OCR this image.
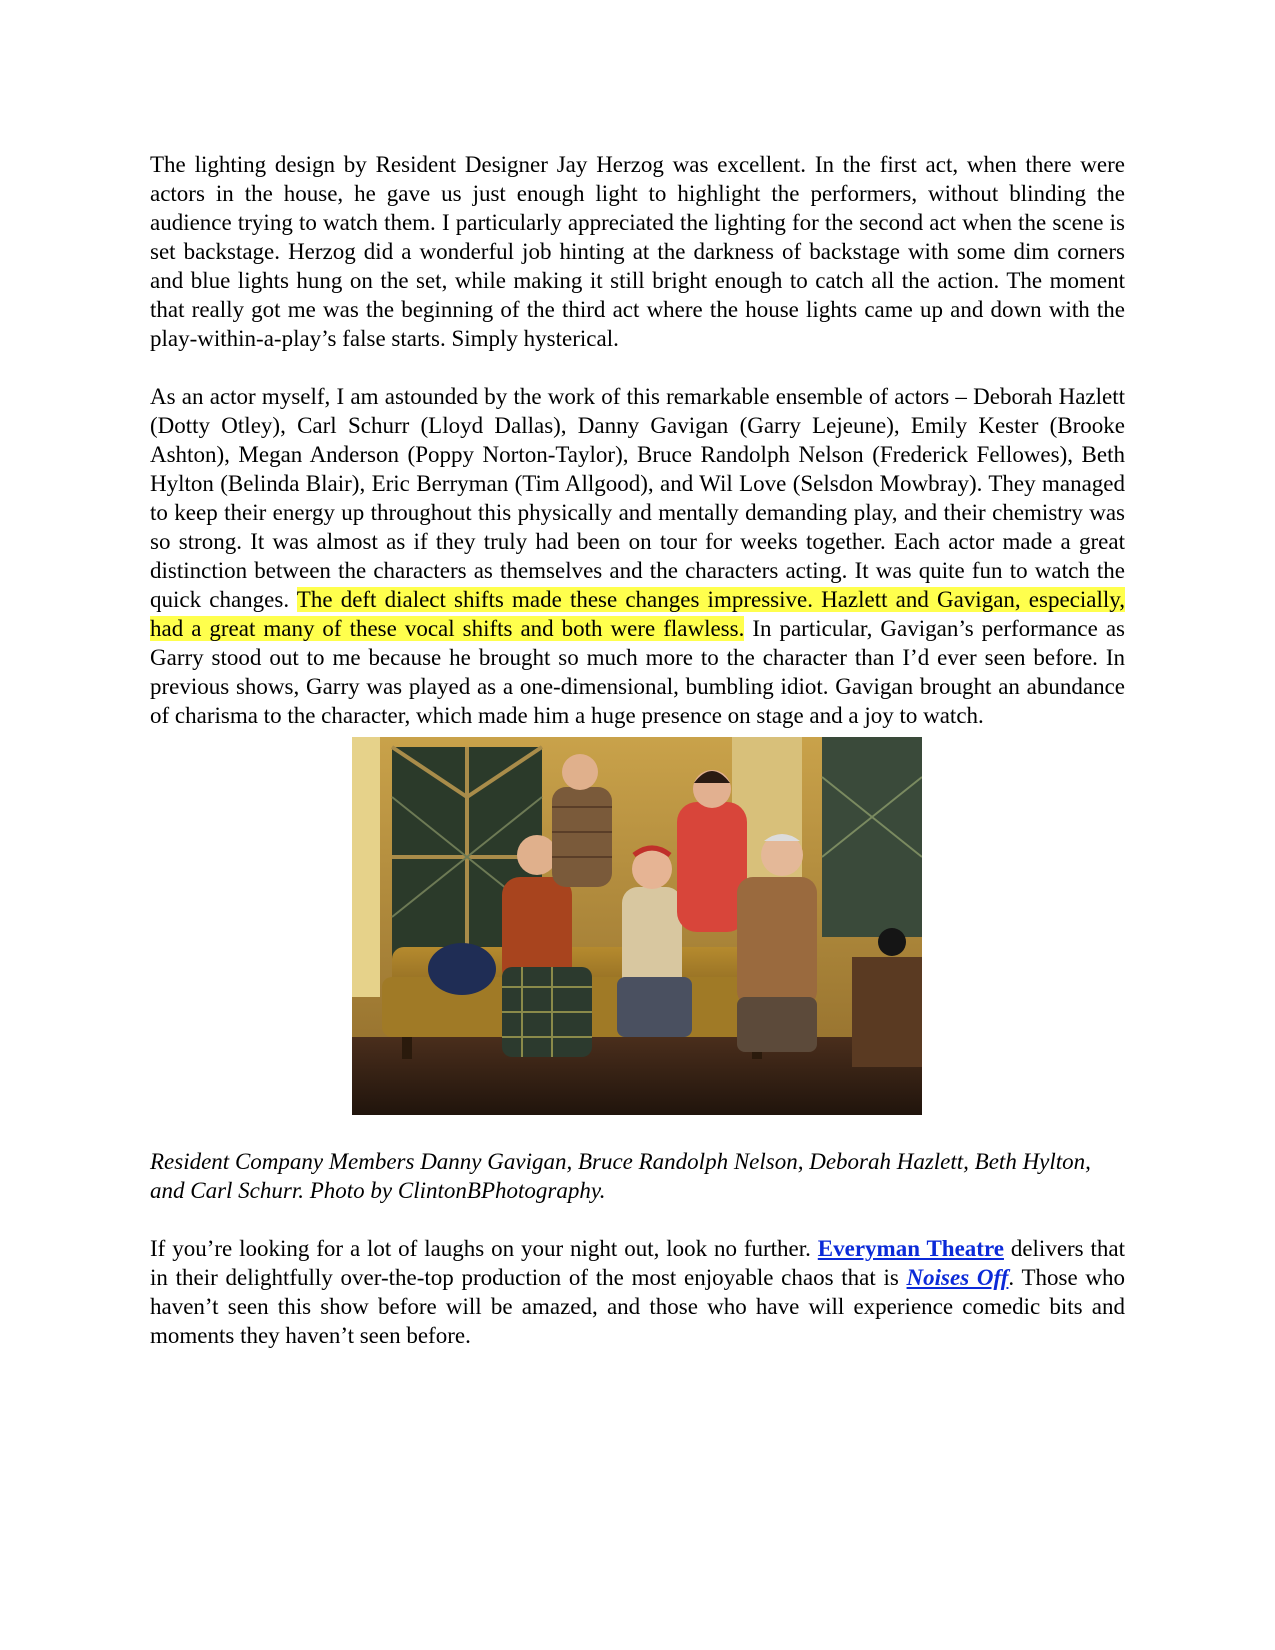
The lighting design by Resident Designer Jay Herzog was excellent. In the first act, when there were actors in the house, he gave us just enough light to highlight the performers, without blinding the audience trying to watch them. I particularly appreciated the lighting for the second act when the scene is set backstage. Herzog did a wonderful job hinting at the darkness of backstage with some dim corners and blue lights hung on the set, while making it still bright enough to catch all the action. The moment that really got me was the beginning of the third act where the house lights came up and down with the play-within-a-play’s false starts. Simply hysterical.

As an actor myself, I am astounded by the work of this remarkable ensemble of actors – Deborah Hazlett (Dotty Otley), Carl Schurr (Lloyd Dallas), Danny Gavigan (Garry Lejeune), Emily Kester (Brooke Ashton), Megan Anderson (Poppy Norton-Taylor), Bruce Randolph Nelson (Frederick Fellowes), Beth Hylton (Belinda Blair), Eric Berryman (Tim Allgood), and Wil Love (Selsdon Mowbray). They managed to keep their energy up throughout this physically and mentally demanding play, and their chemistry was so strong. It was almost as if they truly had been on tour for weeks together. Each actor made a great distinction between the characters as themselves and the characters acting. It was quite fun to watch the quick changes. The deft dialect shifts made these changes impressive. Hazlett and Gavigan, especially, had a great many of these vocal shifts and both were flawless. In particular, Gavigan’s performance as Garry stood out to me because he brought so much more to the character than I’d ever seen before. In previous shows, Garry was played as a one-dimensional, bumbling idiot. Gavigan brought an abundance of charisma to the character, which made him a huge presence on stage and a joy to watch.

Resident Company Members Danny Gavigan, Bruce Randolph Nelson, Deborah Hazlett, Beth Hylton, and Carl Schurr. Photo by ClintonBPhotography.

If you’re looking for a lot of laughs on your night out, look no further. Everyman Theatre delivers that in their delightfully over-the-top production of the most enjoyable chaos that is Noises Off. Those who haven’t seen this show before will be amazed, and those who have will experience comedic bits and moments they haven’t seen before.
